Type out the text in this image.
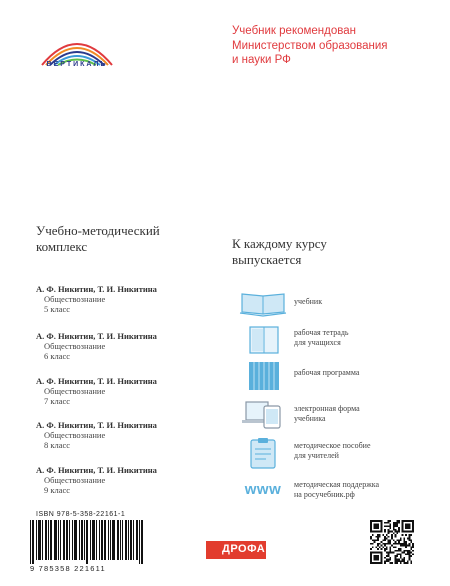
ВЕРТИКАЛЬ
Учебник рекомендован
Министерством образования
и науки РФ
Учебно-методический
комплекс
А. Ф. Никитин, Т. И. Никитина
Обществознание
5 класс
А. Ф. Никитин, Т. И. Никитина
Обществознание
6 класс
А. Ф. Никитин, Т. И. Никитина
Обществознание
7 класс
А. Ф. Никитин, Т. И. Никитина
Обществознание
8 класс
А. Ф. Никитин, Т. И. Никитина
Обществознание
9 класс
К каждому курсу
выпускается
учебник
рабочая тетрадь
для учащихся
рабочая программа
электронная форма
учебника
методическое пособие
для учителей
www	методическая поддержка
на росучебник.рф
ISBN 978-5-358-22161-1
9 785358 221611
ДРОФА
